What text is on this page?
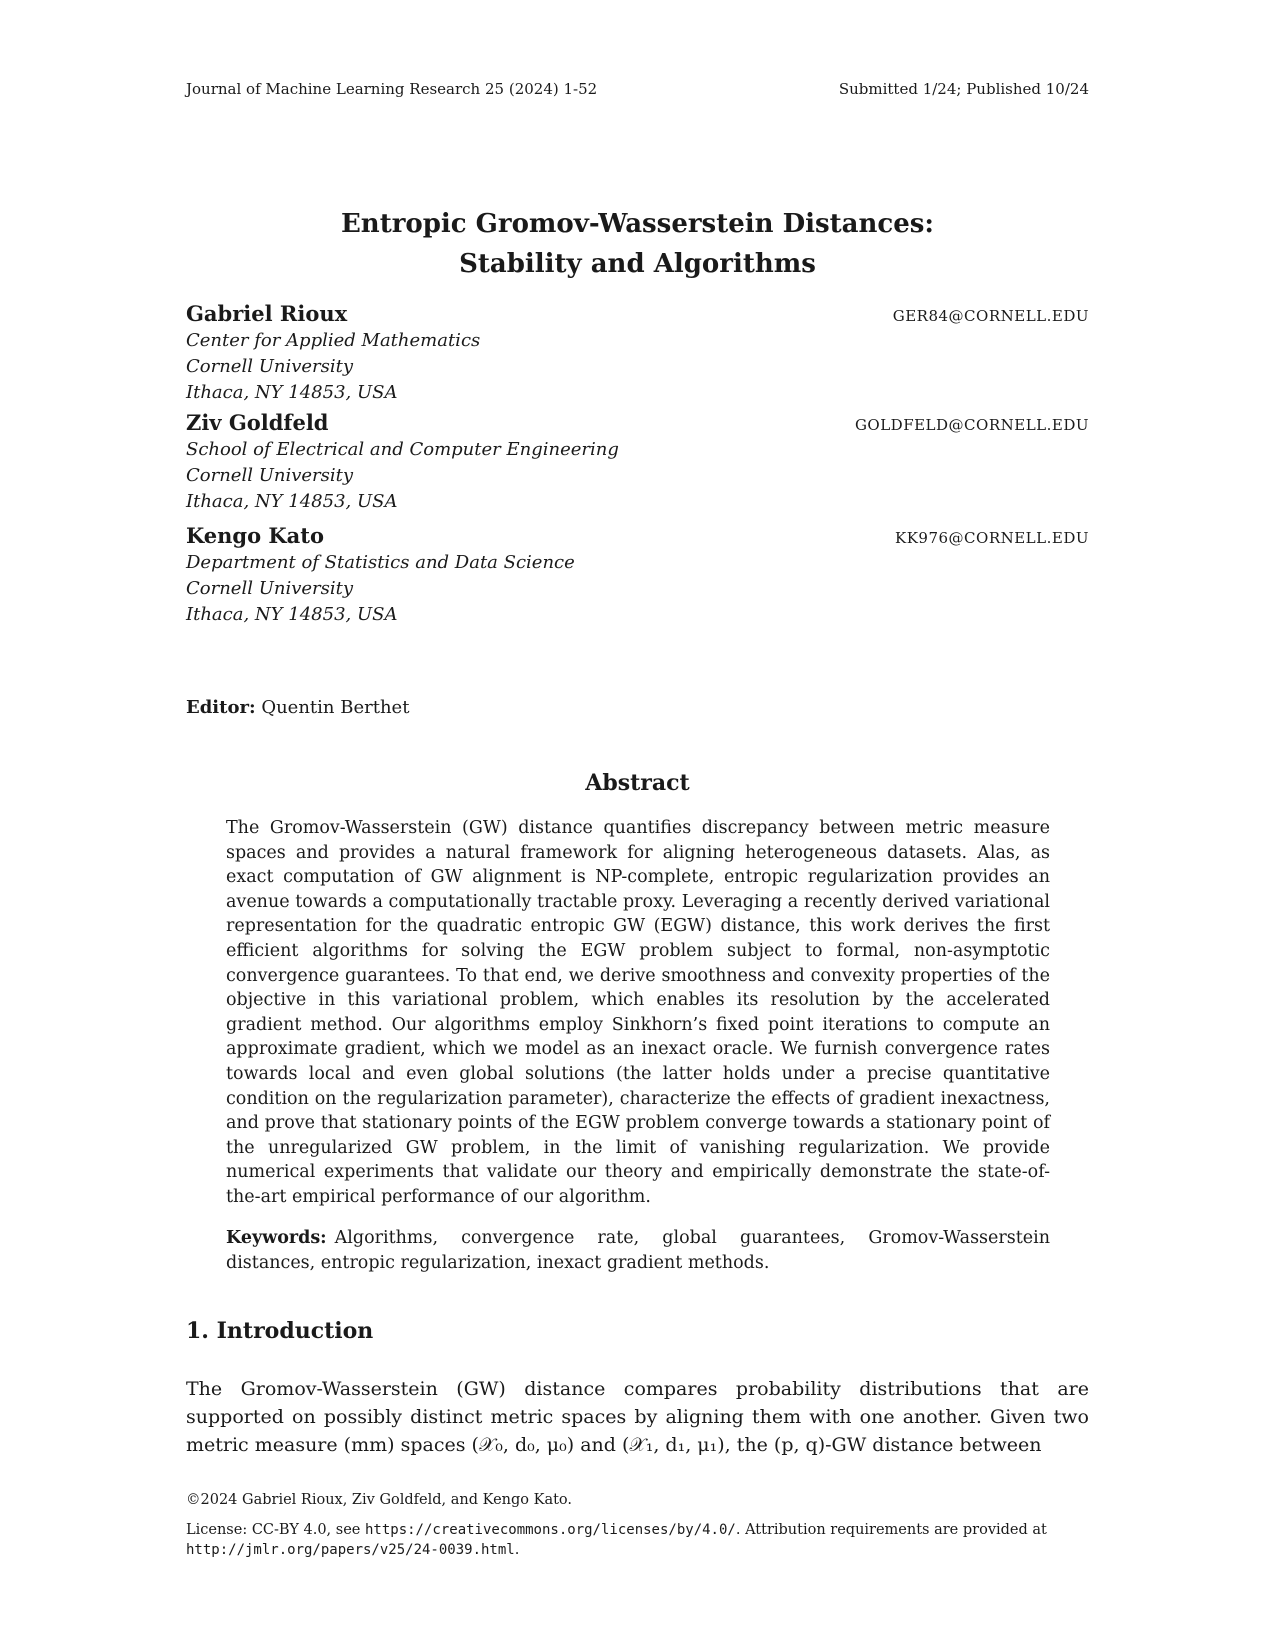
Journal of Machine Learning Research 25 (2024) 1-52	Submitted 1/24; Published 10/24
Entropic Gromov-Wasserstein Distances:
Stability and Algorithms
Gabriel Rioux	GER84@CORNELL.EDU
Center for Applied Mathematics
Cornell University
Ithaca, NY 14853, USA
Ziv Goldfeld	GOLDFELD@CORNELL.EDU
School of Electrical and Computer Engineering
Cornell University
Ithaca, NY 14853, USA
Kengo Kato	KK976@CORNELL.EDU
Department of Statistics and Data Science
Cornell University
Ithaca, NY 14853, USA
Editor: Quentin Berthet
Abstract
The Gromov-Wasserstein (GW) distance quantifies discrepancy between metric measure spaces and provides a natural framework for aligning heterogeneous datasets. Alas, as exact computation of GW alignment is NP-complete, entropic regularization provides an avenue towards a computationally tractable proxy. Leveraging a recently derived variational representation for the quadratic entropic GW (EGW) distance, this work derives the first efficient algorithms for solving the EGW problem subject to formal, non-asymptotic convergence guarantees. To that end, we derive smoothness and convexity properties of the objective in this variational problem, which enables its resolution by the accelerated gradient method. Our algorithms employ Sinkhorn’s fixed point iterations to compute an approximate gradient, which we model as an inexact oracle. We furnish convergence rates towards local and even global solutions (the latter holds under a precise quantitative condition on the regularization parameter), characterize the effects of gradient inexactness, and prove that stationary points of the EGW problem converge towards a stationary point of the unregularized GW problem, in the limit of vanishing regularization. We provide numerical experiments that validate our theory and empirically demonstrate the state-of-the-art empirical performance of our algorithm.
Keywords: Algorithms, convergence rate, global guarantees, Gromov-Wasserstein distances, entropic regularization, inexact gradient methods.
1. Introduction
The Gromov-Wasserstein (GW) distance compares probability distributions that are supported on possibly distinct metric spaces by aligning them with one another. Given two metric measure (mm) spaces (𝒳₀, d₀, μ₀) and (𝒳₁, d₁, μ₁), the (p, q)-GW distance between
©2024 Gabriel Rioux, Ziv Goldfeld, and Kengo Kato.
License: CC-BY 4.0, see https://creativecommons.org/licenses/by/4.0/. Attribution requirements are provided at http://jmlr.org/papers/v25/24-0039.html.
